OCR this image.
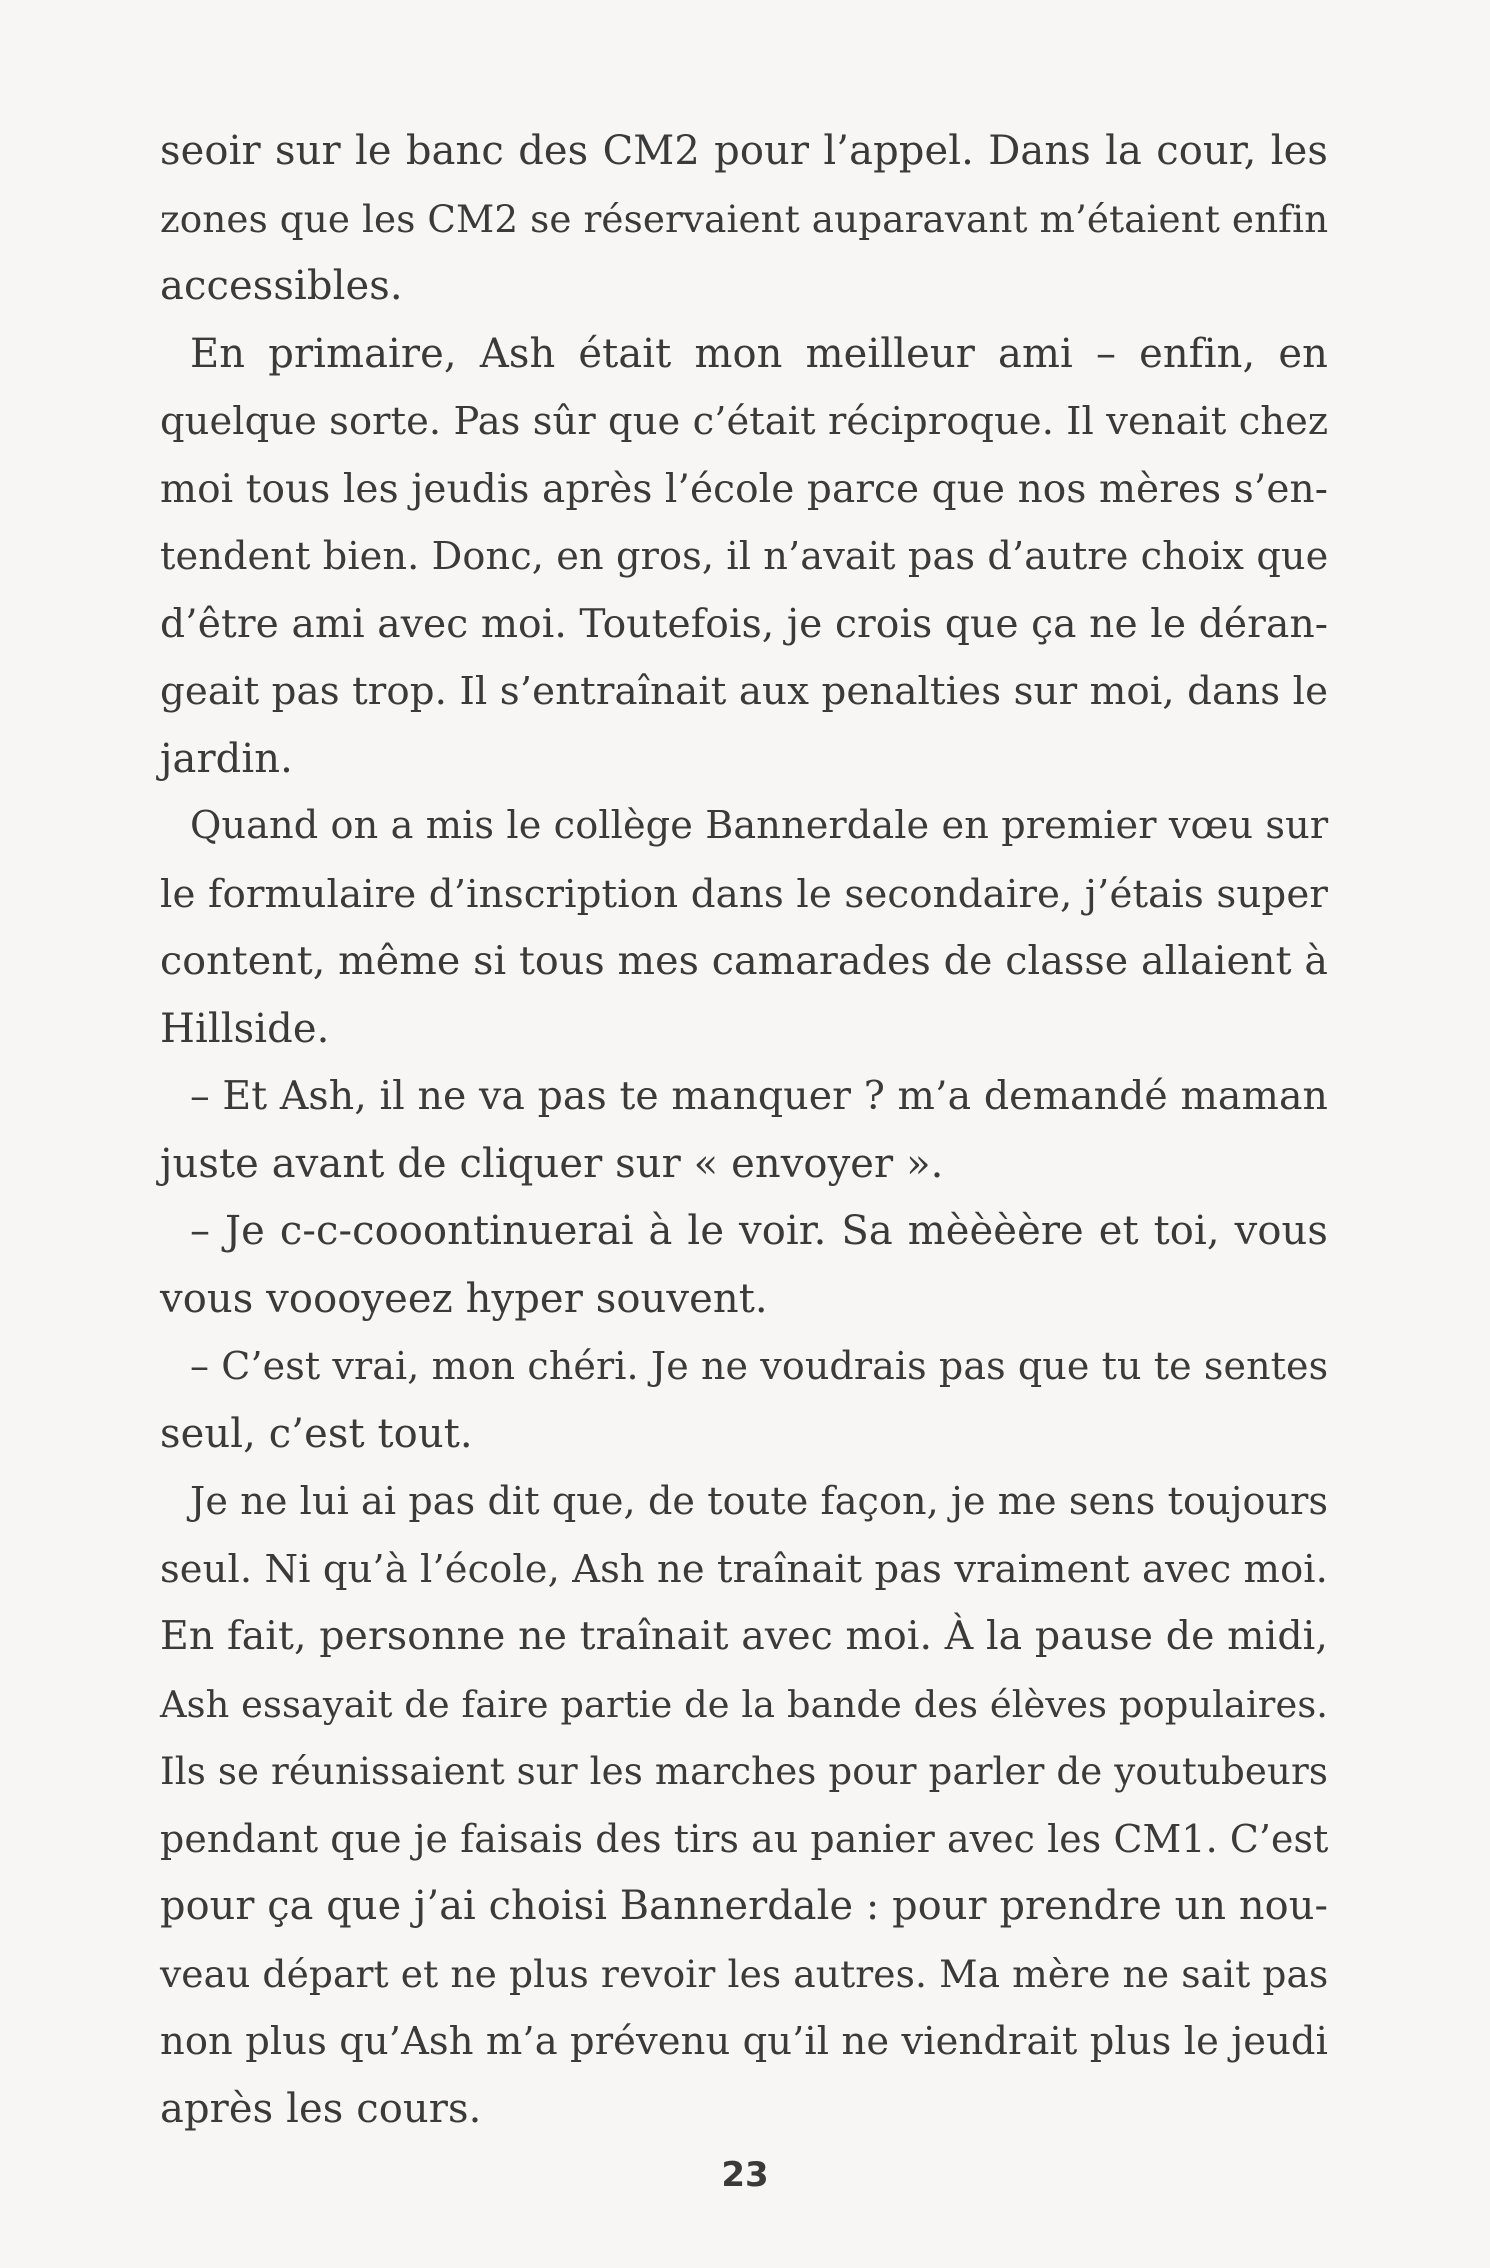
seoir sur le banc des CM2 pour l’appel. Dans la cour, les
zones que les CM2 se réservaient auparavant m’étaient enfin
accessibles.
En primaire, Ash était mon meilleur ami – enfin, en
quelque sorte. Pas sûr que c’était réciproque. Il venait chez
moi tous les jeudis après l’école parce que nos mères s’en-
tendent bien. Donc, en gros, il n’avait pas d’autre choix que
d’être ami avec moi. Toutefois, je crois que ça ne le déran-
geait pas trop. Il s’entraînait aux penalties sur moi, dans le
jardin.
Quand on a mis le collège Bannerdale en premier vœu sur
le formulaire d’inscription dans le secondaire, j’étais super
content, même si tous mes camarades de classe allaient à
Hillside.
– Et Ash, il ne va pas te manquer ? m’a demandé maman
juste avant de cliquer sur « envoyer ».
– Je c-c-cooontinuerai à le voir. Sa mèèèère et toi, vous
vous voooyeez hyper souvent.
– C’est vrai, mon chéri. Je ne voudrais pas que tu te sentes
seul, c’est tout.
Je ne lui ai pas dit que, de toute façon, je me sens toujours
seul. Ni qu’à l’école, Ash ne traînait pas vraiment avec moi.
En fait, personne ne traînait avec moi. À la pause de midi,
Ash essayait de faire partie de la bande des élèves populaires.
Ils se réunissaient sur les marches pour parler de youtubeurs
pendant que je faisais des tirs au panier avec les CM1. C’est
pour ça que j’ai choisi Bannerdale : pour prendre un nou-
veau départ et ne plus revoir les autres. Ma mère ne sait pas
non plus qu’Ash m’a prévenu qu’il ne viendrait plus le jeudi
après les cours.
23
